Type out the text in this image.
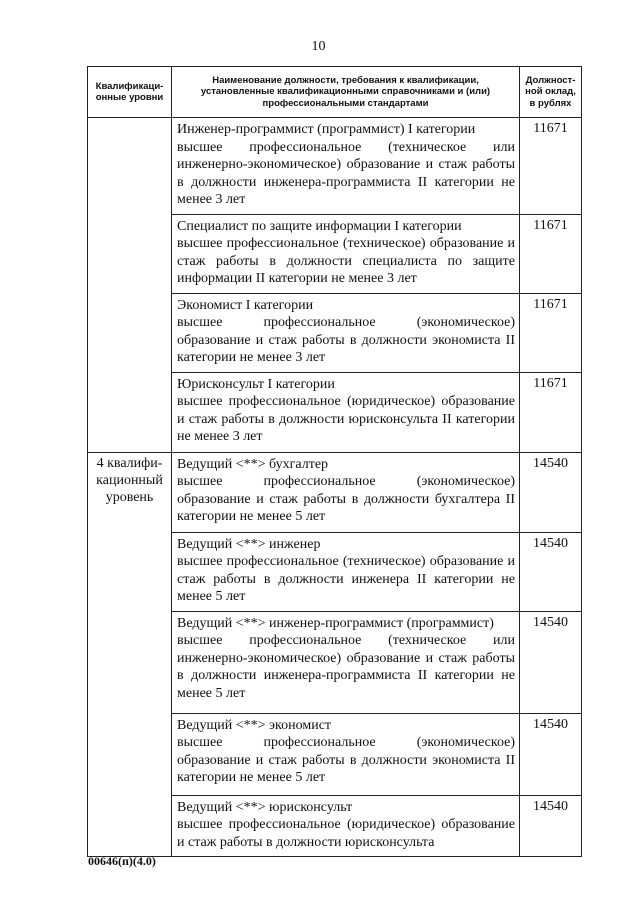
10
Квалификаци-онные уровни	Наименование должности, требования к квалификации, установленные квалификационными справочниками и (или) профессиональными стандартами	Должност-ной оклад, в рублях

	Инженер-программист (программист) I категории
высшее профессиональное (техническое или инженерно-экономическое) образование и стаж работы в должности инженера-программиста II категории не менее 3 лет	11671

	Специалист по защите информации I категории
высшее профессиональное (техническое) образование и стаж работы в должности специалиста по защите информации II категории не менее 3 лет	11671

	Экономист I категории
высшее профессиональное (экономическое) образование и стаж работы в должности экономиста II категории не менее 3 лет	11671

	Юрисконсульт I категории
высшее профессиональное (юридическое) образование и стаж работы в должности юрисконсульта II категории не менее 3 лет	11671
4 квалифи-кационный уровень	Ведущий <**> бухгалтер
высшее профессиональное (экономическое) образование и стаж работы в должности бухгалтера II категории не менее 5 лет	14540

	Ведущий <**> инженер
высшее профессиональное (техническое) образование и стаж работы в должности инженера II категории не менее 5 лет	14540

	Ведущий <**> инженер-программист (программист)
высшее профессиональное (техническое или инженерно-экономическое) образование и стаж работы в должности инженера-программиста II категории не менее 5 лет	14540

	Ведущий <**> экономист
высшее профессиональное (экономическое) образование и стаж работы в должности экономиста II категории не менее 5 лет	14540

	Ведущий <**> юрисконсульт
высшее профессиональное (юридическое) образование и стаж работы в должности юрисконсульта	14540
00646(п)(4.0)
